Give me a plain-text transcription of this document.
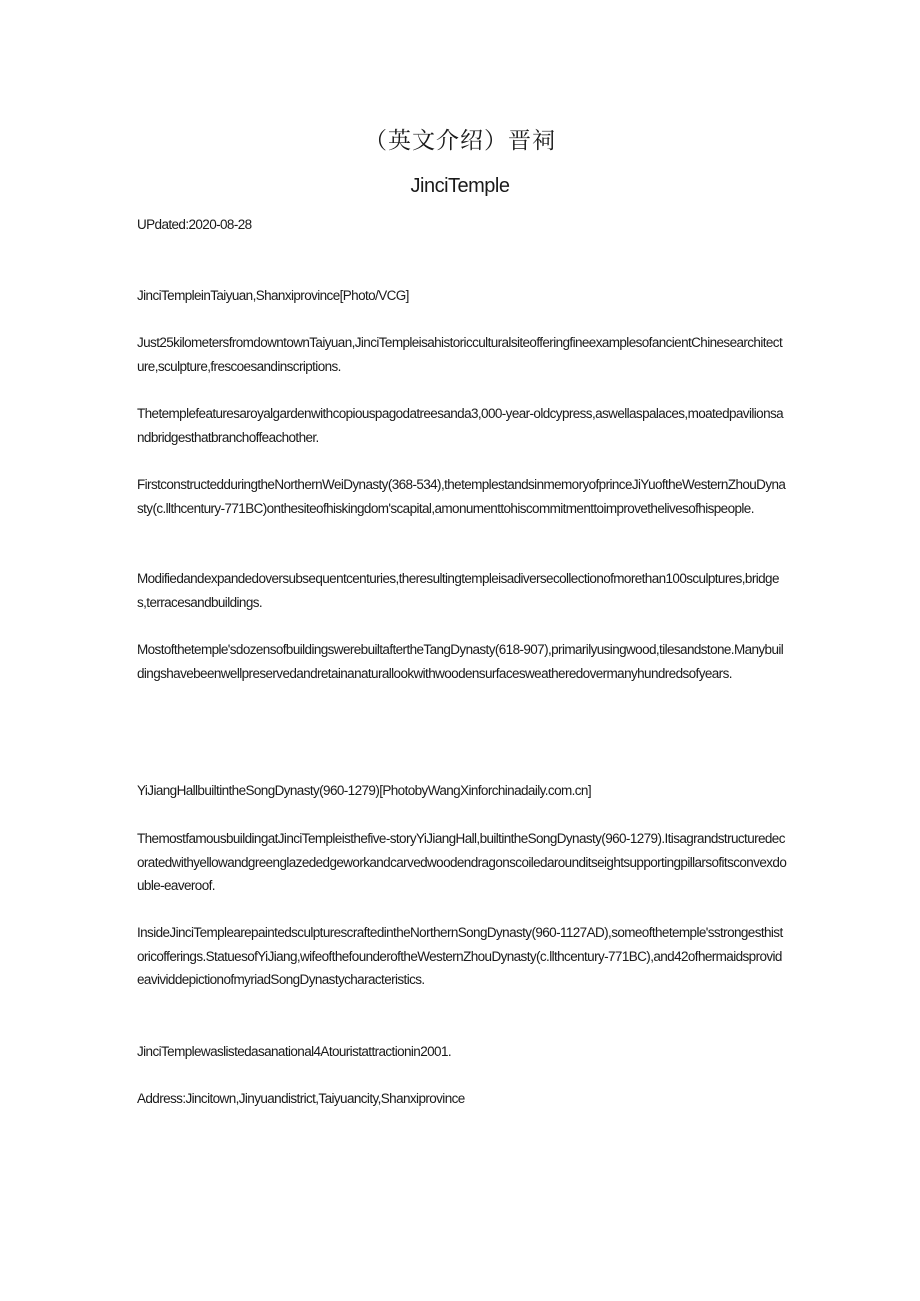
（英文介绍）晋祠
JinciTemple

UPdated:2020-08-28

JinciTempleinTaiyuan,Shanxiprovince[Photo/VCG]

Just25kilometersfromdowntownTaiyuan,JinciTempleisahistoricculturalsiteofferingfineexamplesofancientChinesearchitecture,sculpture,frescoesandinscriptions.

Thetemplefeaturesaroyalgardenwithcopiouspagodatreesanda3,000-year-oldcypress,aswellaspalaces,moatedpavilionsandbridgesthatbranchoffeachother.

FirstconstructedduringtheNorthernWeiDynasty(368-534),thetemplestandsinmemoryofprinceJiYuoftheWesternZhouDynasty(c.llthcentury-771BC)onthesiteofhiskingdom'scapital,amonumenttohiscommitmenttoimprovethelivesofhispeople.

Modifiedandexpandedoversubsequentcenturies,theresultingtempleisadiversecollectionofmorethan100sculptures,bridges,terracesandbuildings.

Mostofthetemple'sdozensofbuildingswerebuiltaftertheTangDynasty(618-907),primarilyusingwood,tilesandstone.Manybuildingshavebeenwellpreservedandretainanaturallookwithwoodensurfacesweatheredovermanyhundredsofyears.

YiJiangHallbuiltintheSongDynasty(960-1279)[PhotobyWangXinforchinadaily.com.cn]

ThemostfamousbuildingatJinciTempleisthefive-storyYiJiangHall,builtintheSongDynasty(960-1279).Itisagrandstructuredecoratedwithyellowandgreenglazededgeworkandcarvedwoodendragonscoiledarounditseightsupportingpillarsofitsconvexdouble-eaveroof.

InsideJinciTemplearepaintedsculpturescraftedintheNorthernSongDynasty(960-1127AD),someofthetemple'sstrongesthistoricofferings.StatuesofYiJiang,wifeofthefounderoftheWesternZhouDynasty(c.llthcentury-771BC),and42ofhermaidsprovideavividdepictionofmyriadSongDynastycharacteristics.

JinciTemplewaslistedasanational4Atouristattractionin2001.

Address:Jincitown,Jinyuandistrict,Taiyuancity,Shanxiprovince
